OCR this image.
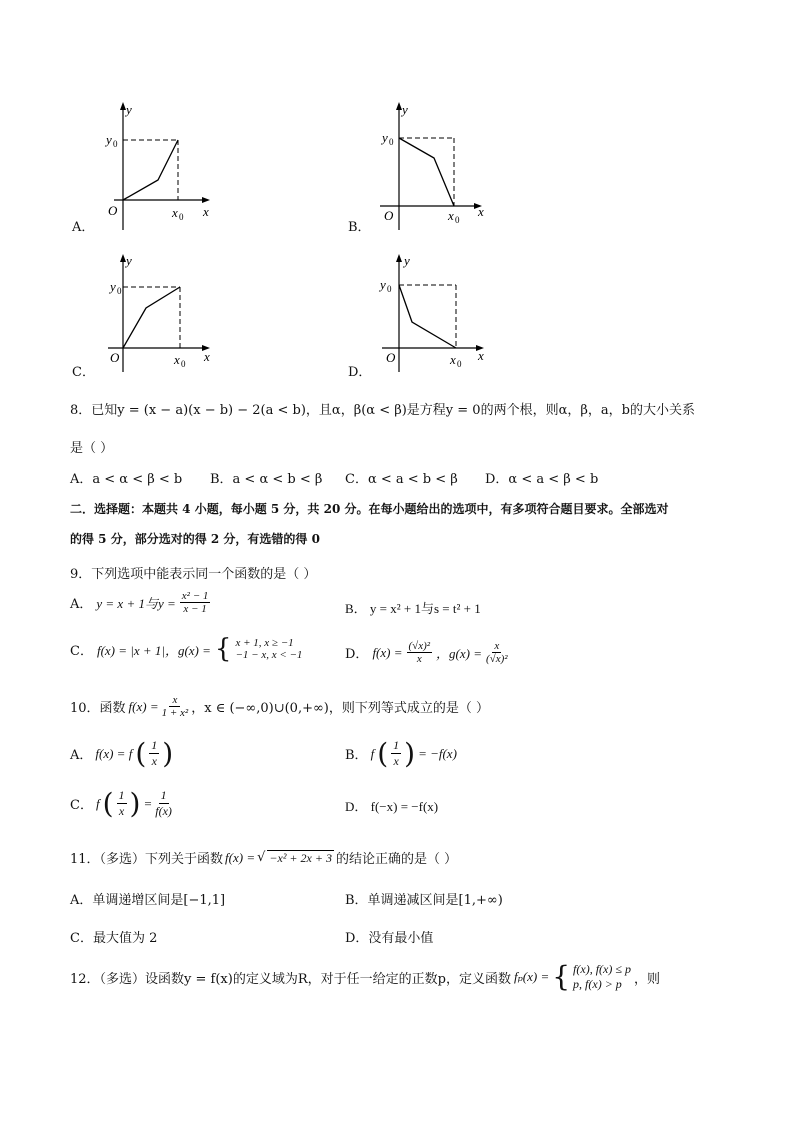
A．
y
x
O
y 0
x 0
B．
y
x
O
y 0
x 0
C．
y
x
O
y 0
x 0
D．
y
x
O
y 0
x 0
8．已知y = (x − a)(x − b) − 2(a < b)，且α，β(α < β)是方程y = 0的两个根，则α，β，a，b的大小关系
是（ ）
A．a < α < β < b B．a < α < b < β C．α < a < b < β D．α < a < β < b
二．选择题：本题共 4 小题，每小题 5 分，共 20 分。在每小题给出的选项中，有多项符合题目要求。全部选对
的得 5 分，部分选对的得 2 分，有选错的得 0
9．下列选项中能表示同一个函数的是（ ）
A． y = x + 1与$y = \frac{\text{x² − 1}}{x - 1}$	B． y = x² + 1与s = t² + 1
C． f(x) = |x + 1|，g(x) = { x + 1, x ≥ −1
−1 − x, x < −1	D． $f(x) = \frac{\text{(√x)²}}{x}$ ，$g(x) = \frac{x}{\text{(√x)²}}$
10．函数 $f(x) = \frac{x}{\text{1 + x²}}$ ，x ∈ (−∞,0)∪(0,+∞)，则下列等式成立的是（ ）
A． f(x) = f ( $\frac{1}{x}$ )	B． f ( $\frac{1}{x}$ ) = −f(x)
C． f ( $\frac{1}{x}$ ) = $\frac{1}{f(x)}$	D． f(−x) = −f(x)
11．（多选）下列关于函数 f(x) = √ −x² + 2x + 3 的结论正确的是（ ）
A．单调递增区间是[−1,1]	B．单调递减区间是[1,+∞)
C．最大值为 2	D．没有最小值
12．（多选）设函数y = f(x)的定义域为R，对于任一给定的正数p，定义函数 fₚ(x) = { f(x), f(x) ≤ p
p, f(x) > p ，则
